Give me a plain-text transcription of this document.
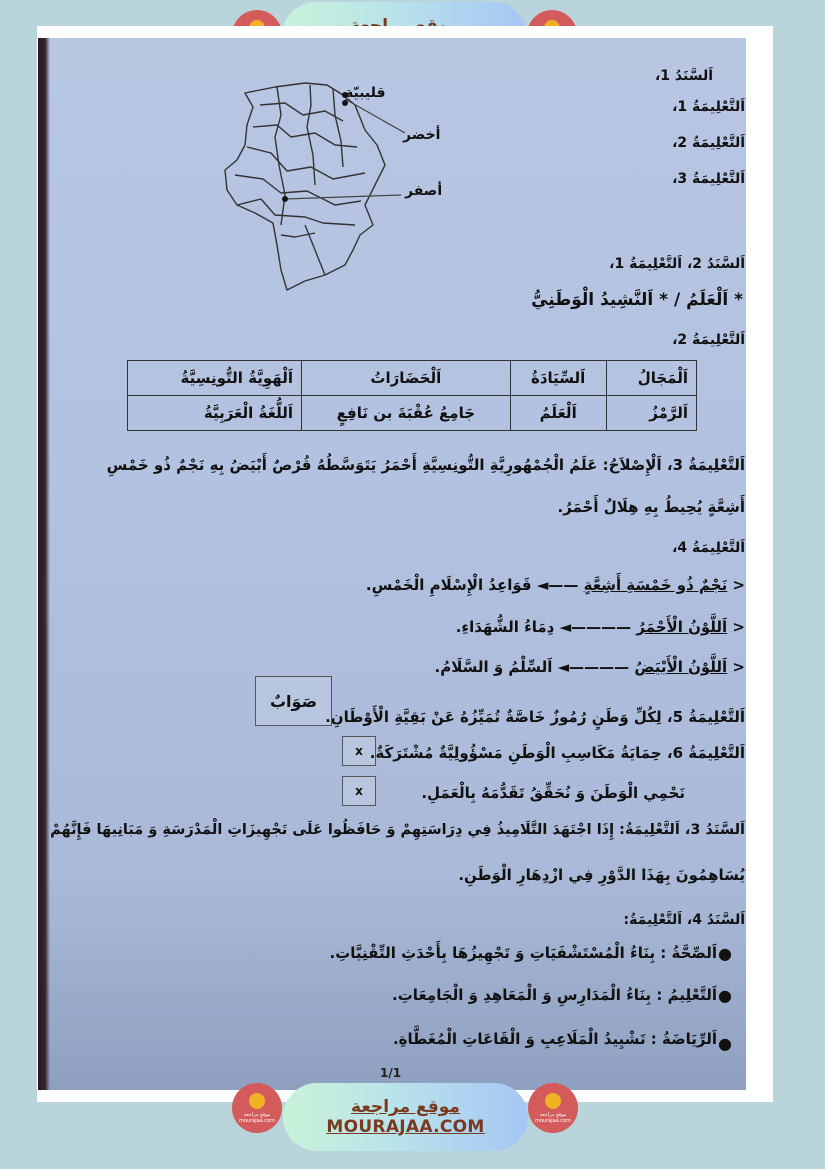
اَلسَّنَدُ 1،
اَلتَّعْلِيمَةُ 1،
اَلتَّعْلِيمَةُ 2،
اَلتَّعْلِيمَةُ 3،
قليبيّة
أخضر
أصفر
اَلسَّنَدُ 2، اَلتَّعْلِيمَةُ 1،
* اَلْعَلَمُ / * اَلنَّشِيدُ الْوَطَنِيُّ
اَلتَّعْلِيمَةُ 2،
اَلْمَجَالُ	اَلسِّيَادَةُ	اَلْحَضَارَاتُ	اَلْهَوِيَّةُ التُّونِسِيَّةُ
اَلرَّمْزُ	اَلْعَلَمُ	جَامِعُ عُقْبَةَ بن نَافِعٍ	اَللُّغَةُ الْعَرَبِيَّةُ
اَلتَّعْلِيمَةُ 3، اَلْإِصْلاَحُ: عَلَمُ الْجُمْهُورِيَّةِ التُّونِسِيَّةِ أَحْمَرُ يَتَوَسَّطُهُ قُرْصٌ أَبْيَضُ بِهِ نَجْمٌ ذُو خَمْسِ
أَشِعَّةٍ يُحِيطُ بِهِ هِلَالٌ أَحْمَرُ.
اَلتَّعْلِيمَةُ 4،
< نَجْمٌ ذُو خَمْسَةِ أَشِعَّةٍ ——◄ قَوَاعِدُ الْإِسْلَامِ الْخَمْسِ.
< اَللَّوْنُ الْأَحْمَرُ ————◄ دِمَاءُ الشُّهَدَاءِ.
< اَللَّوْنُ الْأَبْيَضُ ————◄ اَلسِّلْمُ وَ السَّلَامُ.
صَوَابٌ
اَلتَّعْلِيمَةُ 5، لِكُلِّ وَطَنٍ رُمُوزٌ خَاصَّةٌ تُمَيِّزُهُ عَنْ بَقِيَّةِ الْأَوْطَانِ.
x	اَلتَّعْلِيمَةُ 6، حِمَايَةُ مَكَاسِبِ الْوَطَنِ مَسْؤُولِيَّةٌ مُشْتَرَكَةٌ.
x	نَحْمِي الْوَطَنَ وَ نُحَقِّقُ تَقَدُّمَهُ بِالْعَمَلِ.
اَلسَّنَدُ 3، اَلتَّعْلِيمَةُ: إِذَا اجْتَهَدَ التَّلَامِيذُ فِي دِرَاسَتِهِمْ وَ حَافَظُوا عَلَى تَجْهِيزَاتِ الْمَدْرَسَةِ وَ مَبَانِيهَا فَإِنَّهُمْ
يُسَاهِمُونَ بِهَذَا الدَّوْرِ فِي ازْدِهَارِ الْوَطَنِ.
اَلسَّنَدُ 4، اَلتَّعْلِيمَةُ:
اَلصِّحَّةُ : بِنَاءُ الْمُسْتَشْفَيَاتِ وَ تَجْهِيزُهَا بِأَحْدَثِ التِّقْنِيَّاتِ. ●
اَلتَّعْلِيمُ : بِنَاءُ الْمَدَارِسِ وَ الْمَعَاهِدِ وَ الْجَامِعَاتِ. ●
اَلرِّيَاضَةُ : تَشْيِيدُ الْمَلَاعِبِ وَ الْقَاعَاتِ الْمُغَطَّاةِ. ●
1/1
موقع مراجعة mourajaa.com
موقع مراجعة
MOURAJAA.COM
موقع مراجعة mourajaa.com
